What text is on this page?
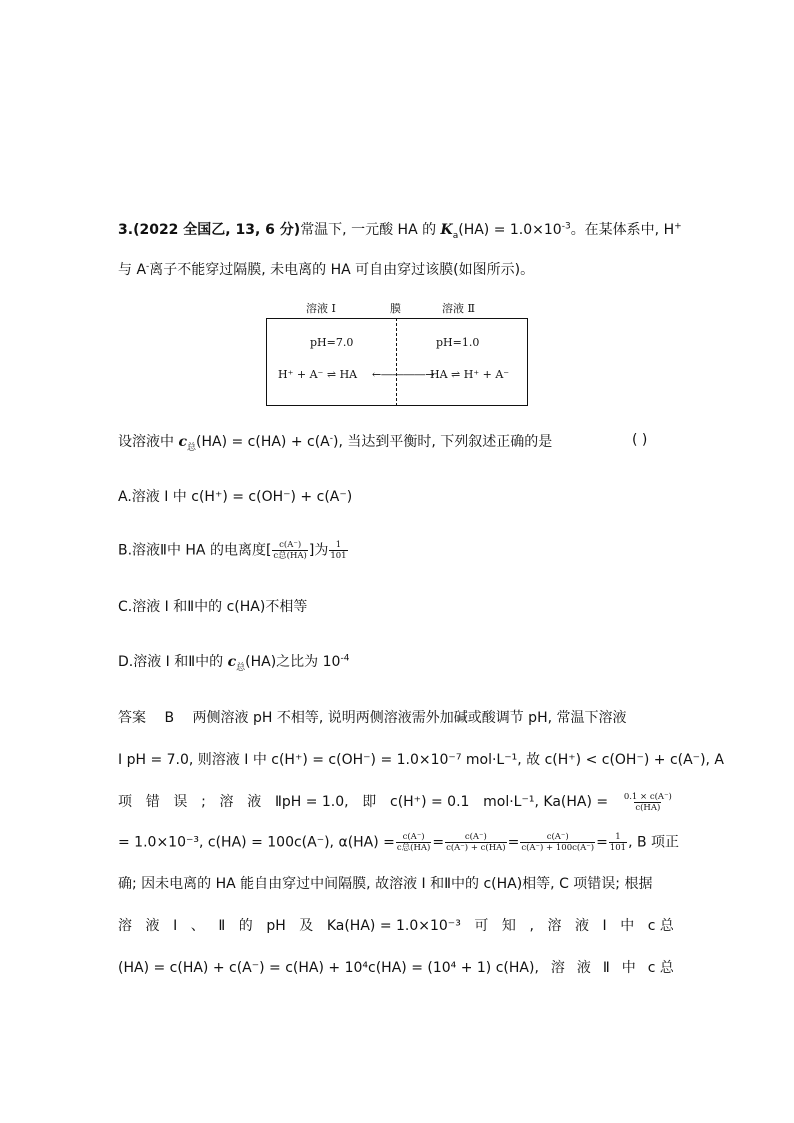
3.(2022 全国乙, 13, 6 分)常温下, 一元酸 HA 的 $K_a(HA) = 1.0\times 10^{-3}$。在某体系中, H+
与 A-离子不能穿过隔膜, 未电离的 HA 可自由穿过该膜(如图所示)。
溶液 Ⅰ	膜	溶液 Ⅱ
pH=7.0	pH=1.0
H⁺ + A⁻ ⇌ HA ←――――→
HA ⇌ H⁺ + A⁻
设溶液中 $c_总(HA) = c(HA) + c(A^-)$, 当达到平衡时, 下列叙述正确的是	( )
A.溶液 Ⅰ 中 c(H⁺) = c(OH⁻) + c(A⁻)
B.溶液Ⅱ中 HA 的电离度[ $\frac{c(A^-)}{\text{c总(HA)}}$ ]为 $\frac{1}{101}$
C.溶液 Ⅰ 和Ⅱ中的 c(HA)不相等
D.溶液 Ⅰ 和Ⅱ中的 $c_总(HA)$之比为 $10^{-4}$
答案 B 两侧溶液 pH 不相等, 说明两侧溶液需外加碱或酸调节 pH, 常温下溶液
Ⅰ pH = 7.0, 则溶液 Ⅰ 中 c(H⁺) = c(OH⁻) = 1.0×10⁻⁷ mol·L⁻¹, 故 c(H⁺) < c(OH⁻) + c(A⁻), A
项 错 误 ; 溶 液 ⅡpH = 1.0, 即 c(H⁺) = 0.1 mol·L⁻¹, $Ka(HA) = \frac{0.1 \times c(A^-)}{c(HA)}$
= 1.0×10⁻³, c(HA) = 100c(A⁻), $\alpha(HA) = \frac{c(A^-)}{\text{c总(HA)}} = \frac{c(A^-)}{c(A^-) + c(HA)} = \frac{c(A^-)}{c(A^-) + 100c(A^-)} = \frac{1}{101}$ , B 项正
确; 因未电离的 HA 能自由穿过中间隔膜, 故溶液 Ⅰ 和Ⅱ中的 c(HA)相等, C 项错误; 根据
溶 液 Ⅰ 、 Ⅱ 的 pH 及 Ka(HA) = 1.0×10⁻³ 可 知 , 溶 液 Ⅰ 中 c 总
(HA) = c(HA) + c(A⁻) = c(HA) + 10⁴c(HA) = (10⁴ + 1) c(HA), 溶 液 Ⅱ 中 c 总
